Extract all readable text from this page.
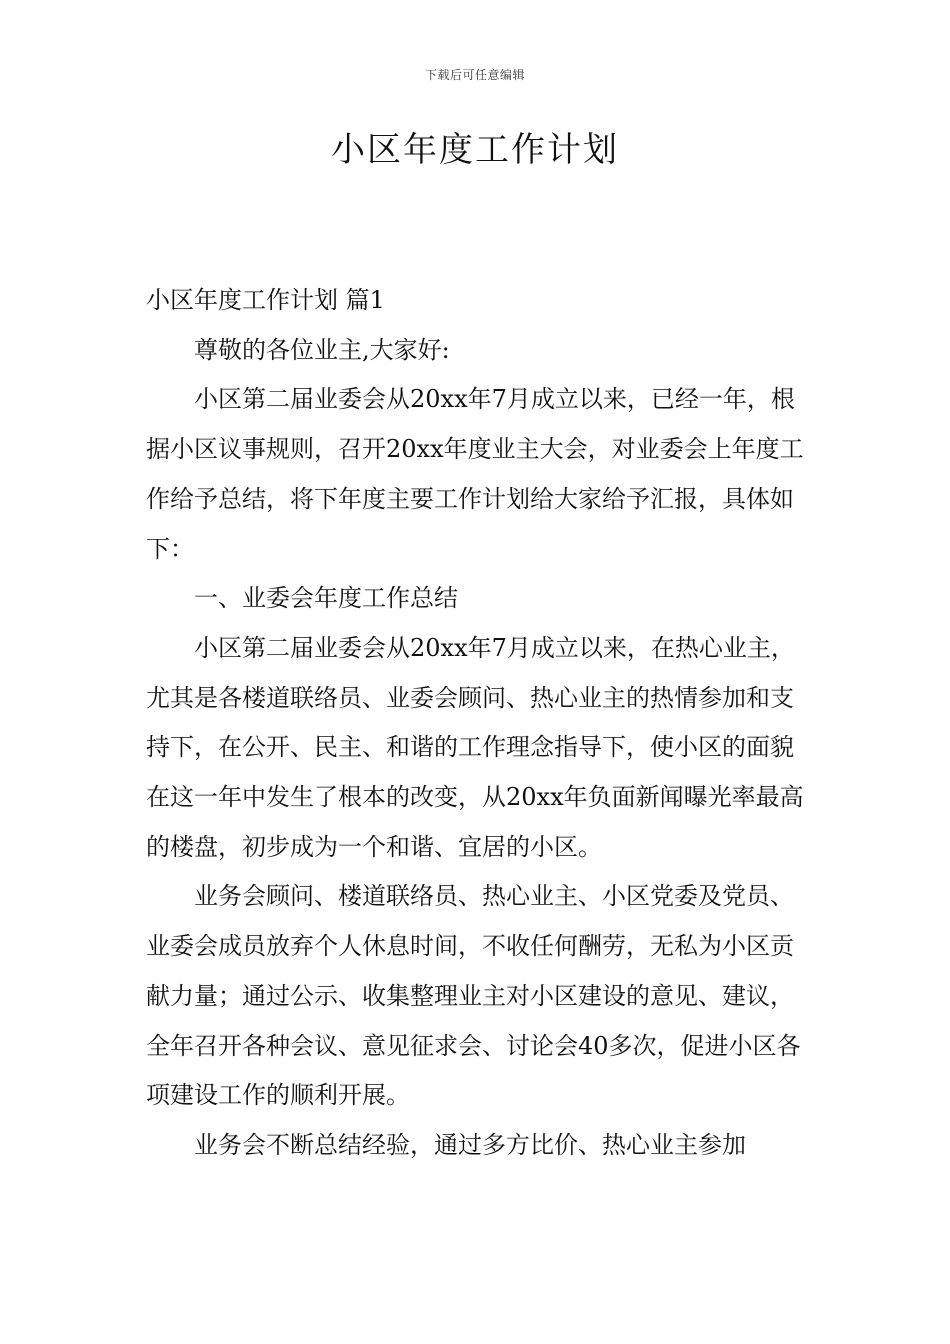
下载后可任意编辑
小区年度工作计划

小区年度工作计划 篇1

尊敬的各位业主,大家好:

小区第二届业委会从20xx年7月成立以来，已经一年，根据小区议事规则，召开20xx年度业主大会，对业委会上年度工作给予总结，将下年度主要工作计划给大家给予汇报，具体如下：

一、业委会年度工作总结

小区第二届业委会从20xx年7月成立以来，在热心业主，尤其是各楼道联络员、业委会顾问、热心业主的热情参加和支持下，在公开、民主、和谐的工作理念指导下，使小区的面貌在这一年中发生了根本的改变，从20xx年负面新闻曝光率最高的楼盘，初步成为一个和谐、宜居的小区。

业务会顾问、楼道联络员、热心业主、小区党委及党员、业委会成员放弃个人休息时间，不收任何酬劳，无私为小区贡献力量；通过公示、收集整理业主对小区建设的意见、建议，全年召开各种会议、意见征求会、讨论会40多次，促进小区各项建设工作的顺利开展。

业务会不断总结经验，通过多方比价、热心业主参加
